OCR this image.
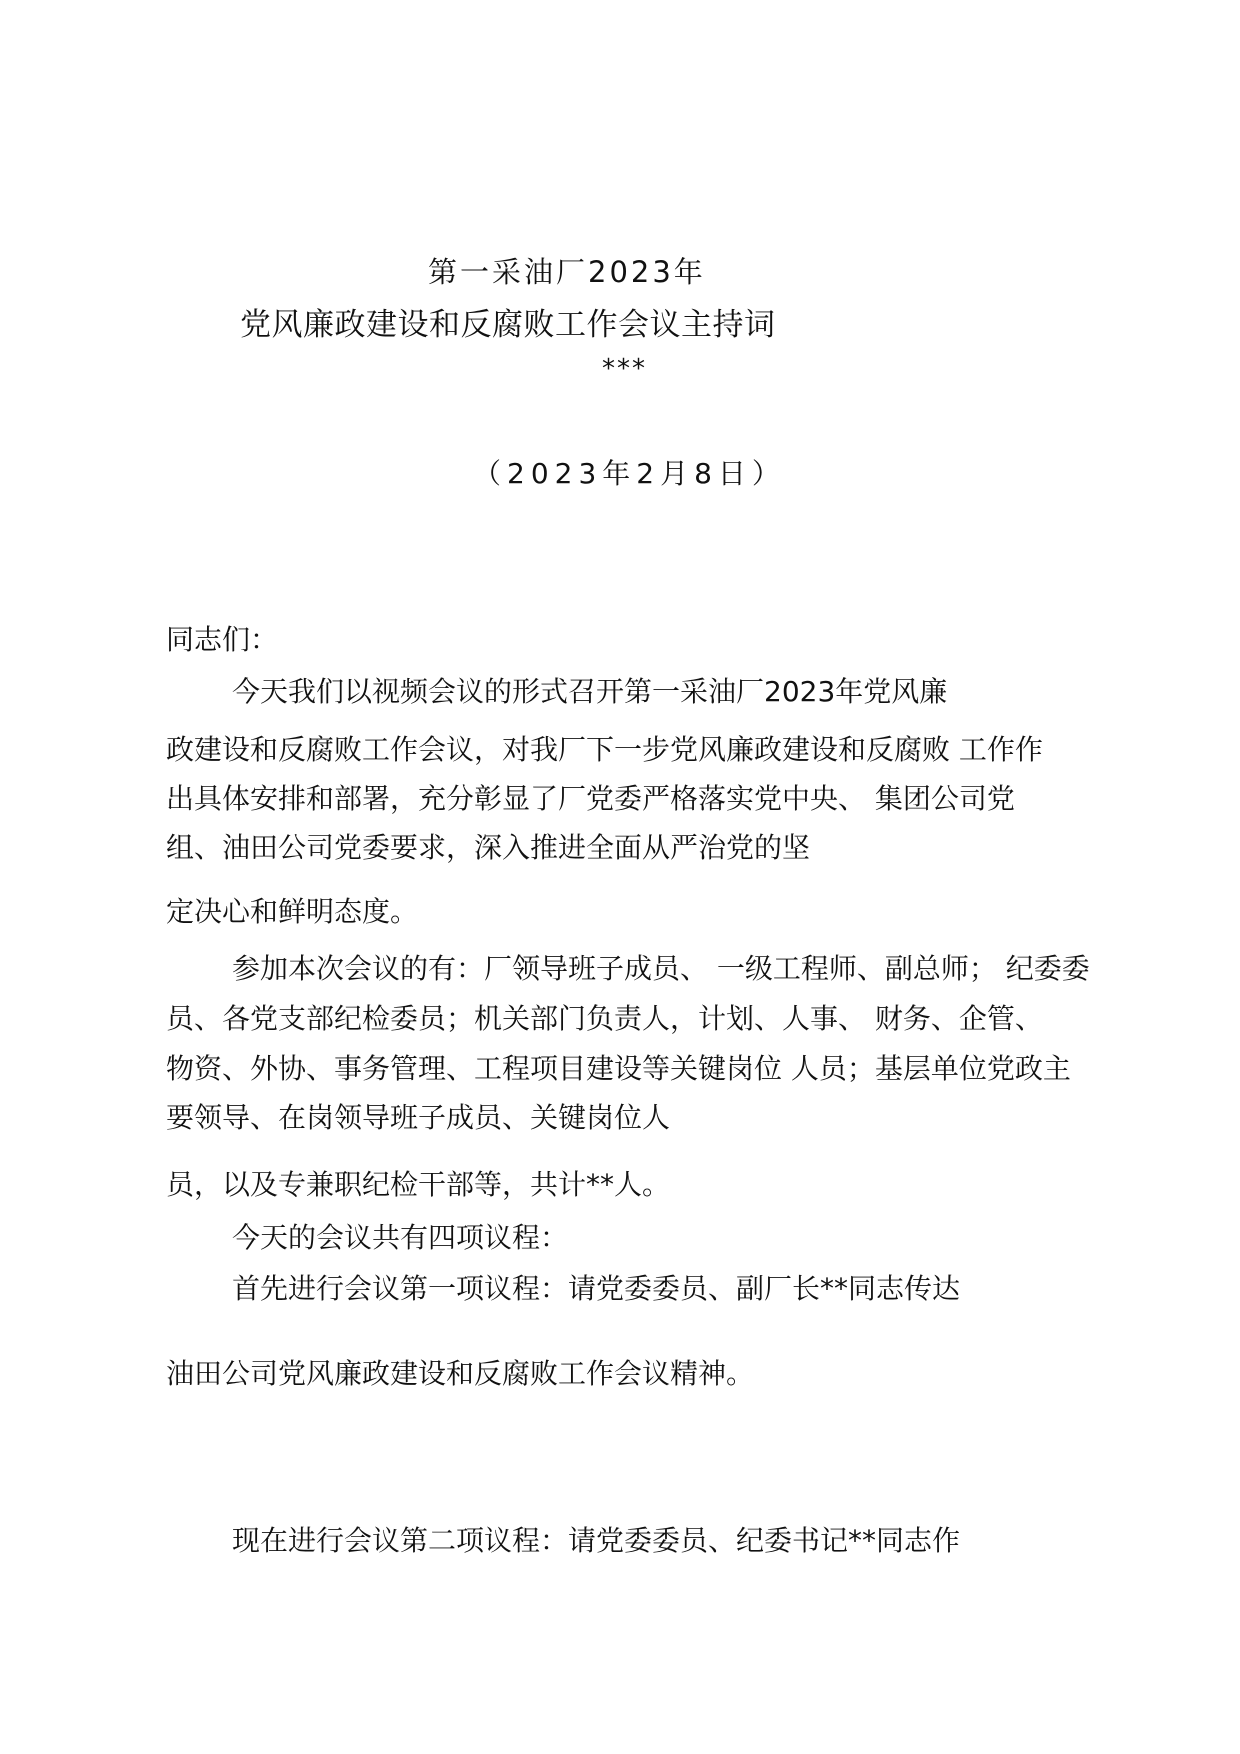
第一采油厂2023年
党风廉政建设和反腐败工作会议主持词
***
（2023年2月8日）
同志们：
今天我们以视频会议的形式召开第一采油厂2023年党风廉
政建设和反腐败工作会议，对我厂下一步党风廉政建设和反腐败 工作作
出具体安排和部署，充分彰显了厂党委严格落实党中央、 集团公司党
组、油田公司党委要求，深入推进全面从严治党的坚
定决心和鲜明态度。
参加本次会议的有：厂领导班子成员、 一级工程师、副总师； 纪委委
员、各党支部纪检委员；机关部门负责人，计划、人事、 财务、企管、
物资、外协、事务管理、工程项目建设等关键岗位 人员；基层单位党政主
要领导、在岗领导班子成员、关键岗位人
员，以及专兼职纪检干部等，共计**人。
今天的会议共有四项议程：
首先进行会议第一项议程：请党委委员、副厂长**同志传达
油田公司党风廉政建设和反腐败工作会议精神。
现在进行会议第二项议程：请党委委员、纪委书记**同志作
